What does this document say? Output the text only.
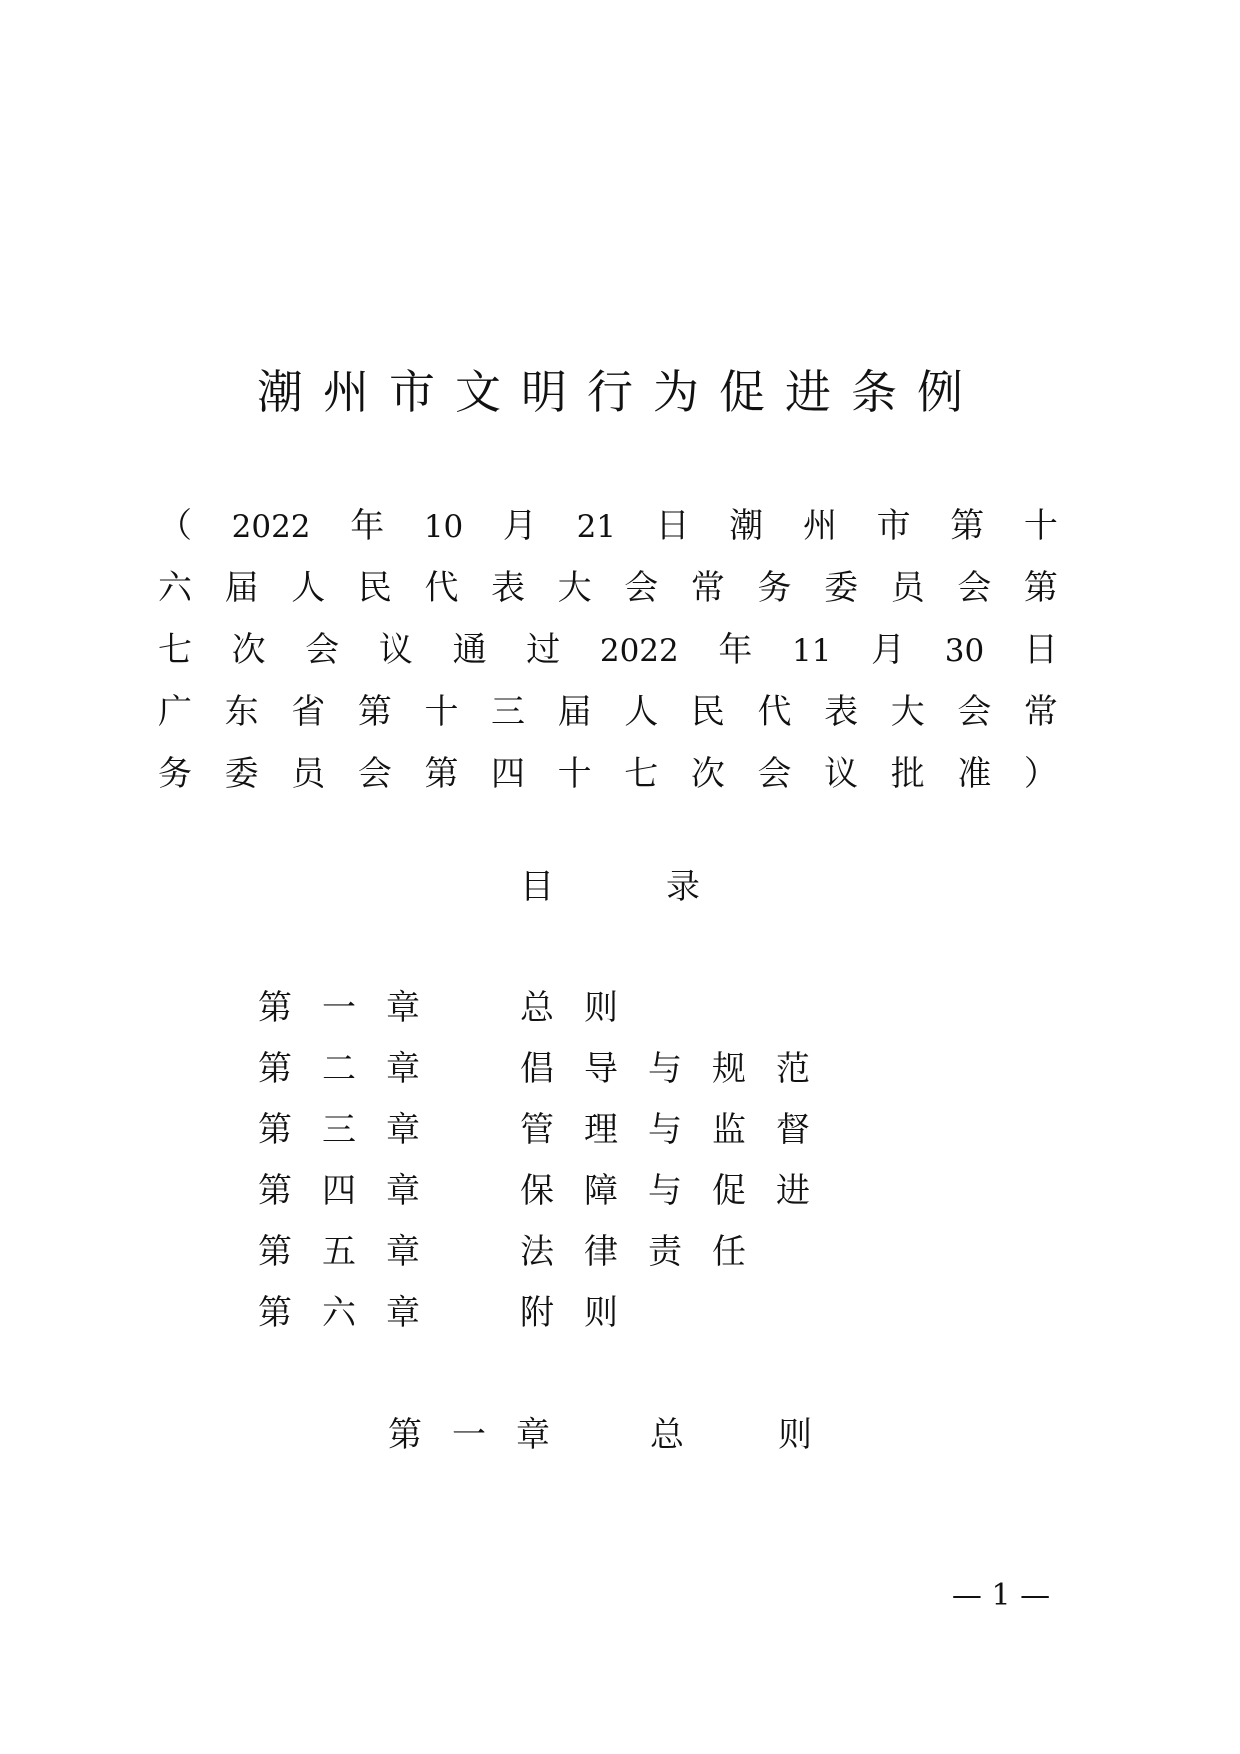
潮州市文明行为促进条例
（ 2022 年 10 月 21 日 潮 州 市 第 十
六 届 人 民 代 表 大 会 常 务 委 员 会 第
七 次 会 议 通 过 2022 年 11 月 30 日
广 东 省 第 十 三 届 人 民 代 表 大 会 常
务 委 员 会 第 四 十 七 次 会 议 批 准 ）
目	录
第一章 总则
第二章 倡导与规范
第三章 管理与监督
第四章 保障与促进
第五章 法律责任
第六章 附则
第一章 总则
— 1 —
